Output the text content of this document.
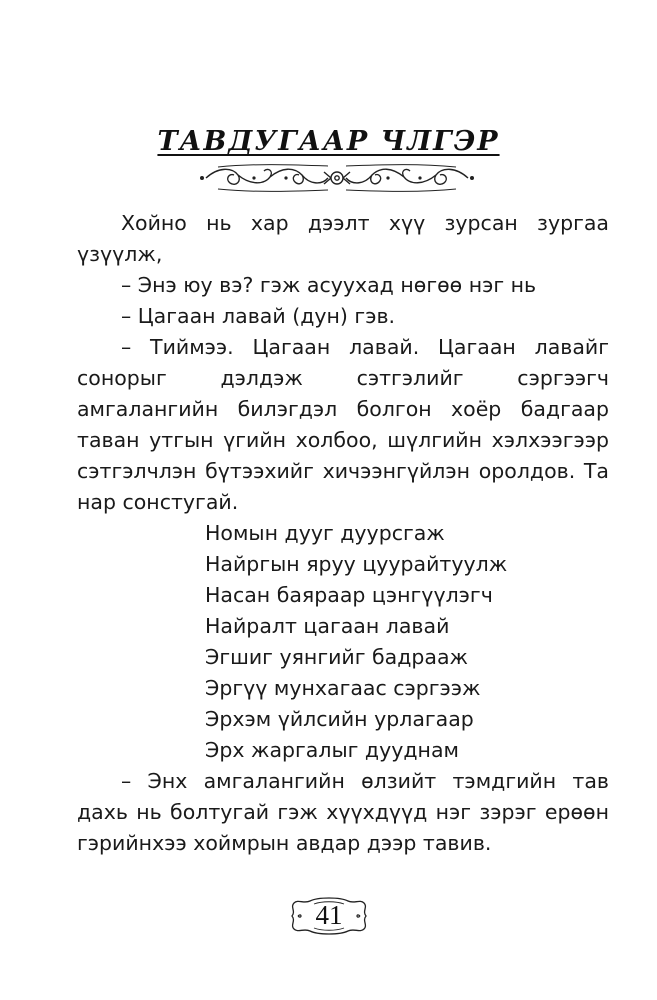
ТАВДУГААР ЧЛГЭР

Хойно нь хар дээлт хүү зурсан зургаа үзүүлж,

– Энэ юу вэ? гэж асуухад нөгөө нэг нь

– Цагаан лавай (дун) гэв.

– Тиймээ. Цагаан лавай. Цагаан лавайг сонорыг дэлдэж сэтгэлийг сэргээгч амгалангийн билэгдэл болгон хоёр бадгаар таван утгын үгийн холбоо, шүлгийн хэлхээгээр сэтгэлчлэн бүтээхийг хичээнгүйлэн оролдов. Та нар сонстугай.

Номын дууг дуурсгаж
Найргын яруу цуурайтуулж
Насан баяраар цэнгүүлэгч
Найралт цагаан лавай
Эгшиг уянгийг бадрааж
Эргүү мунхагаас сэргээж
Эрхэм үйлсийн урлагаар
Эрх жаргалыг дууднам

– Энх амгалангийн өлзийт тэмдгийн тав дахь нь болтугай гэж хүүхдүүд нэг зэрэг ерөөн гэрийнхээ хоймрын авдар дээр тавив.

41
